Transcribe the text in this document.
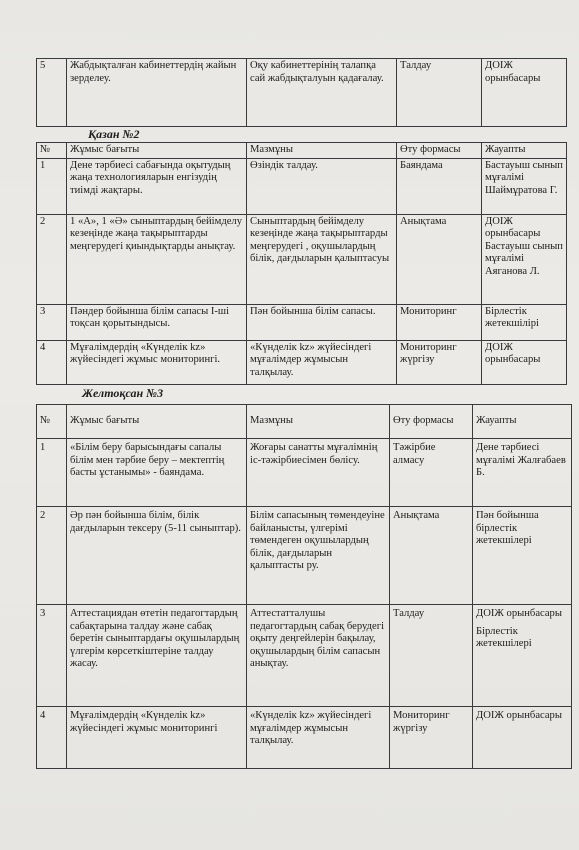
5	Жабдықталған кабинеттердің жайын зерделеу.	Оқу кабинеттерінің талапқа сай жабдықталуын қадағалау.	Талдау	ДОІЖ орынбасары
Қазан №2
№	Жұмыс бағыты	Мазмұны	Өту формасы	Жауапты
1	Дене тәрбиесі сабағында оқытудың жаңа технологияларын енгізудің тиімді жақтары.	Өзіндік талдау.	Баяндама	Бастауыш сынып мұғалімі Шаймұратова Г.
2	1 «А», 1 «Ә» сыныптардың бейімделу кезеңінде жаңа тақырыптарды меңгерудегі қиындықтарды анықтау.	Сыныптардың бейімделу кезеңінде жаңа тақырыптарды меңгерудегі , оқушылардың білік, дағдыларын қалыптасуы	Анықтама	ДОІЖ орынбасары Бастауыш сынып мұғалімі Аяганова Л.
3	Пәндер бойынша білім сапасы І-ші тоқсан қорытындысы.	Пән бойынша білім сапасы.	Мониторинг	Бірлестік жетекшілірі
4	Мұғалімдердің «Күнделік kz» жүйесіндегі жұмыс мониторингі.	«Күнделік kz» жүйесіндегі мұғалімдер жұмысын талқылау.	Мониторинг жүргізу	ДОІЖ орынбасары
Желтоқсан №3
№	Жұмыс бағыты	Мазмұны	Өту формасы	Жауапты
1	«Білім беру барысындағы сапалы білім мен тәрбие беру – мектептің басты ұстанымы» - баяндама.	Жоғары санатты мұғалімнің іс-тәжірбиесімен бөлісу.	Тәжірбие алмасу	Дене тәрбиесі мұғалімі Жалғабаев Б.
2	Әр пән бойынша білім, білік дағдыларын тексеру (5-11 сыныптар).	Білім сапасының төмендеуіне байланысты, үлгерімі төмендеген оқушылардың білік, дағдыларын қалыптасты ру.	Анықтама	Пән бойынша бірлестік жетекшілері
3	Аттестациядан өтетін педагогтардың сабақтарына талдау және сабақ беретін сыныптардағы оқушылардың үлгерім көрсеткіштеріне талдау жасау.	Аттестатталушы педагогтардың сабақ берудегі оқыту деңгейлерін бақылау, оқушылардың білім сапасын анықтау.	Талдау	ДОІЖ орынбасары
Бірлестік жетекшілері
4	Мұғалімдердің «Күнделік kz» жүйесіндегі жұмыс мониторингі	«Күнделік kz» жүйесіндегі мұғалімдер жұмысын талқылау.	Мониторинг жүргізу	ДОІЖ орынбасары
